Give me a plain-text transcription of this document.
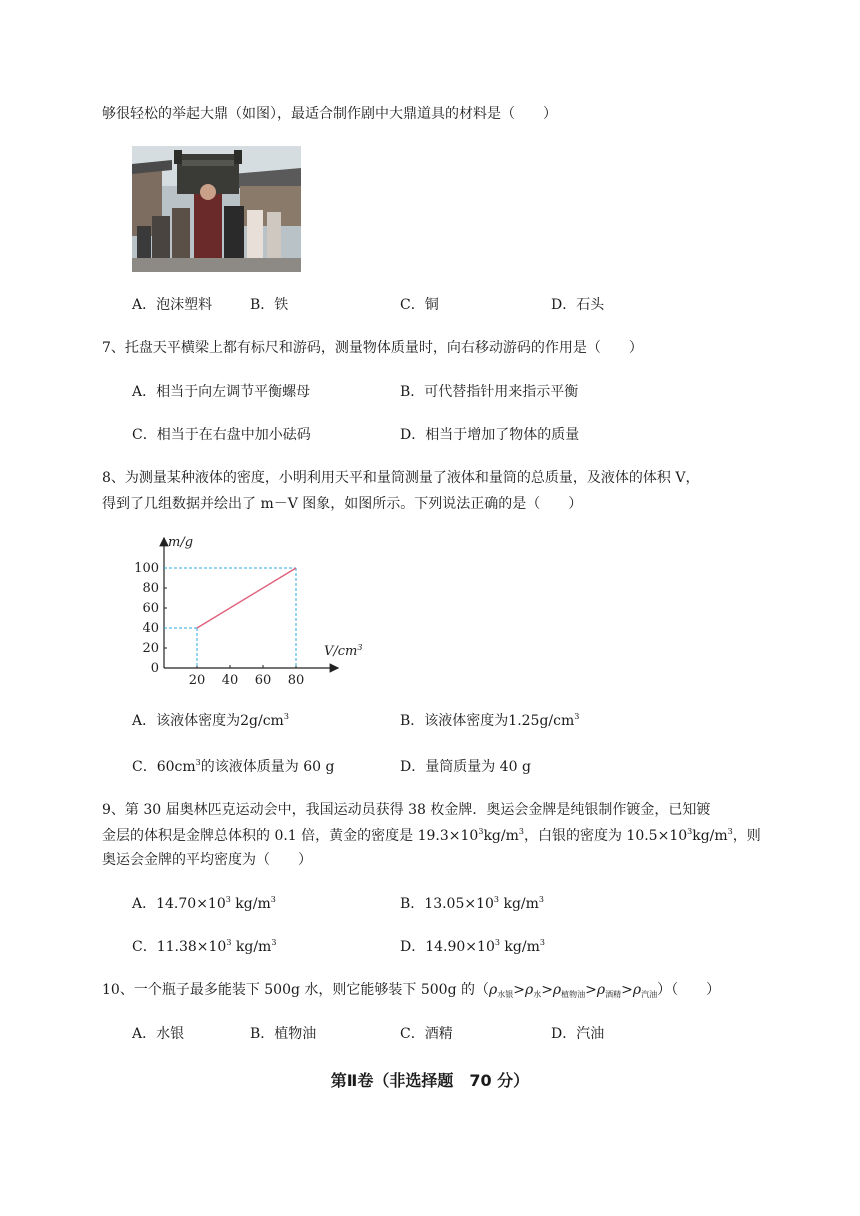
够很轻松的举起大鼎（如图），最适合制作剧中大鼎道具的材料是（　　）
A．泡沫塑料	B．铁	C．铜	D．石头
7、托盘天平横梁上都有标尺和游码，测量物体质量时，向右移动游码的作用是（　　）
A．相当于向左调节平衡螺母	B．可代替指针用来指示平衡
C．相当于在右盘中加小砝码	D．相当于增加了物体的质量
8、为测量某种液体的密度，小明利用天平和量筒测量了液体和量筒的总质量，及液体的体积 V，
得到了几组数据并绘出了 m－V 图象，如图所示。下列说法正确的是（　　）
20 40 60 80
0
20
40
60
80
100
m/g
$V/cm^3$
A．该液体密度为$2g/cm^3$	B．该液体密度为$1.25g/cm^3$
C．$60cm^3$的该液体质量为 60 g	D．量筒质量为 40 g
9、第 30 届奥林匹克运动会中，我国运动员获得 38 枚金牌．奥运会金牌是纯银制作镀金，已知镀
金层的体积是金牌总体积的 0.1 倍，黄金的密度是 $19.3\times 10^3kg/m^3$，白银的密度为 $10.5\times 10^3kg/m^3$，则
奥运会金牌的平均密度为（　　）
A．$14.70\times 10^3$ $kg/m^3$	B．$13.05\times 10^3$ $kg/m^3$
C．$11.38\times 10^3$ $kg/m^3$	D．$14.90\times 10^3$ $kg/m^3$
10、一个瓶子最多能装下 500g 水，则它能够装下 500g 的$(\rho_{水银}>\rho_水>\rho_{植物油}>\rho_{酒精}>\rho_{汽油})$（　　）
A．水银	B．植物油	C．酒精	D．汽油
第Ⅱ卷（非选择题　70 分）
